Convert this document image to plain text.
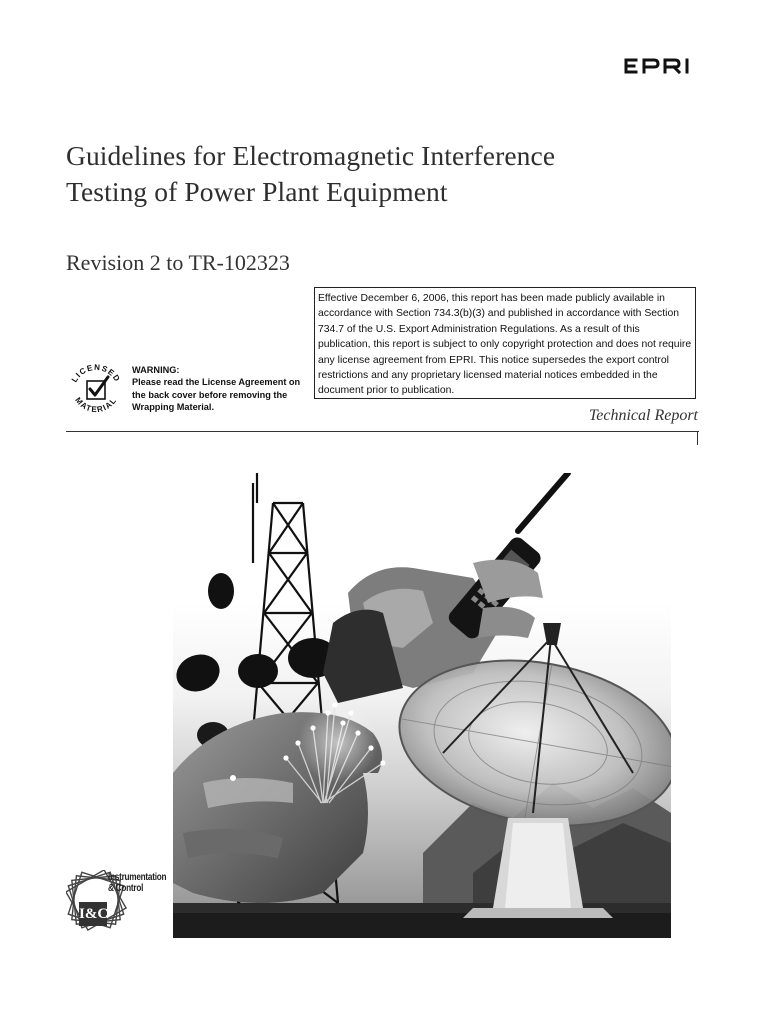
Guidelines for Electromagnetic Interference
Testing of Power Plant Equipment
Revision 2 to TR-102323
Effective December 6, 2006, this report has been made publicly available in accordance with Section 734.3(b)(3) and published in accordance with Section 734.7 of the U.S. Export Administration Regulations. As a result of this publication, this report is subject to only copyright protection and does not require any license agreement from EPRI. This notice supersedes the export control restrictions and any proprietary licensed material notices embedded in the document prior to publication.
LICENSED
MATERIAL
WARNING:
Please read the License Agreement on the back cover before removing the Wrapping Material.	Technical Report
Instrumentation
& Control
I&C
